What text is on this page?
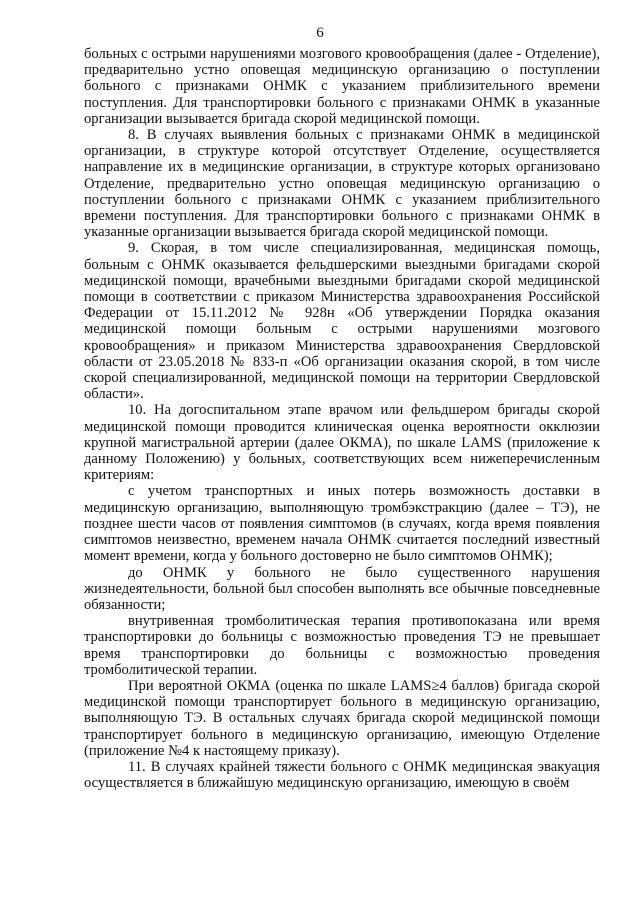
6

больных с острыми нарушениями мозгового кровообращения (далее - Отделение), предварительно устно оповещая медицинскую организацию о поступлении больного с признаками ОНМК с указанием приблизительного времени поступления. Для транспортировки больного с признаками ОНМК в указанные организации вызывается бригада скорой медицинской помощи.

8. В случаях выявления больных с признаками ОНМК в медицинской организации, в структуре которой отсутствует Отделение, осуществляется направление их в медицинские организации, в структуре которых организовано Отделение, предварительно устно оповещая медицинскую организацию о поступлении больного с признаками ОНМК с указанием приблизительного времени поступления. Для транспортировки больного с признаками ОНМК в указанные организации вызывается бригада скорой медицинской помощи.

9. Скорая, в том числе специализированная, медицинская помощь, больным с ОНМК оказывается фельдшерскими выездными бригадами скорой медицинской помощи, врачебными выездными бригадами скорой медицинской помощи в соответствии с приказом Министерства здравоохранения Российской Федерации от 15.11.2012 № 928н «Об утверждении Порядка оказания медицинской помощи больным с острыми нарушениями мозгового кровообращения» и приказом Министерства здравоохранения Свердловской области от 23.05.2018 № 833-п «Об организации оказания скорой, в том числе скорой специализированной, медицинской помощи на территории Свердловской области».

10. На догоспитальном этапе врачом или фельдшером бригады скорой медицинской помощи проводится клиническая оценка вероятности окклюзии крупной магистральной артерии (далее ОКМА), по шкале LAMS (приложение к данному Положению) у больных, соответствующих всем нижеперечисленным критериям:

с учетом транспортных и иных потерь возможность доставки в медицинскую организацию, выполняющую тромбэкстракцию (далее – ТЭ), не позднее шести часов от появления симптомов (в случаях, когда время появления симптомов неизвестно, временем начала ОНМК считается последний известный момент времени, когда у больного достоверно не было симптомов ОНМК);

до ОНМК у больного не было существенного нарушения жизнедеятельности, больной был способен выполнять все обычные повседневные обязанности;

внутривенная тромболитическая терапия противопоказана или время транспортировки до больницы с возможностью проведения ТЭ не превышает время транспортировки до больницы с возможностью проведения тромболитической терапии.

При вероятной ОКМА (оценка по шкале LAMS≥4 баллов) бригада скорой медицинской помощи транспортирует больного в медицинскую организацию, выполняющую ТЭ. В остальных случаях бригада скорой медицинской помощи транспортирует больного в медицинскую организацию, имеющую Отделение (приложение №4 к настоящему приказу).

11. В случаях крайней тяжести больного с ОНМК медицинская эвакуация осуществляется в ближайшую медицинскую организацию, имеющую в своём
